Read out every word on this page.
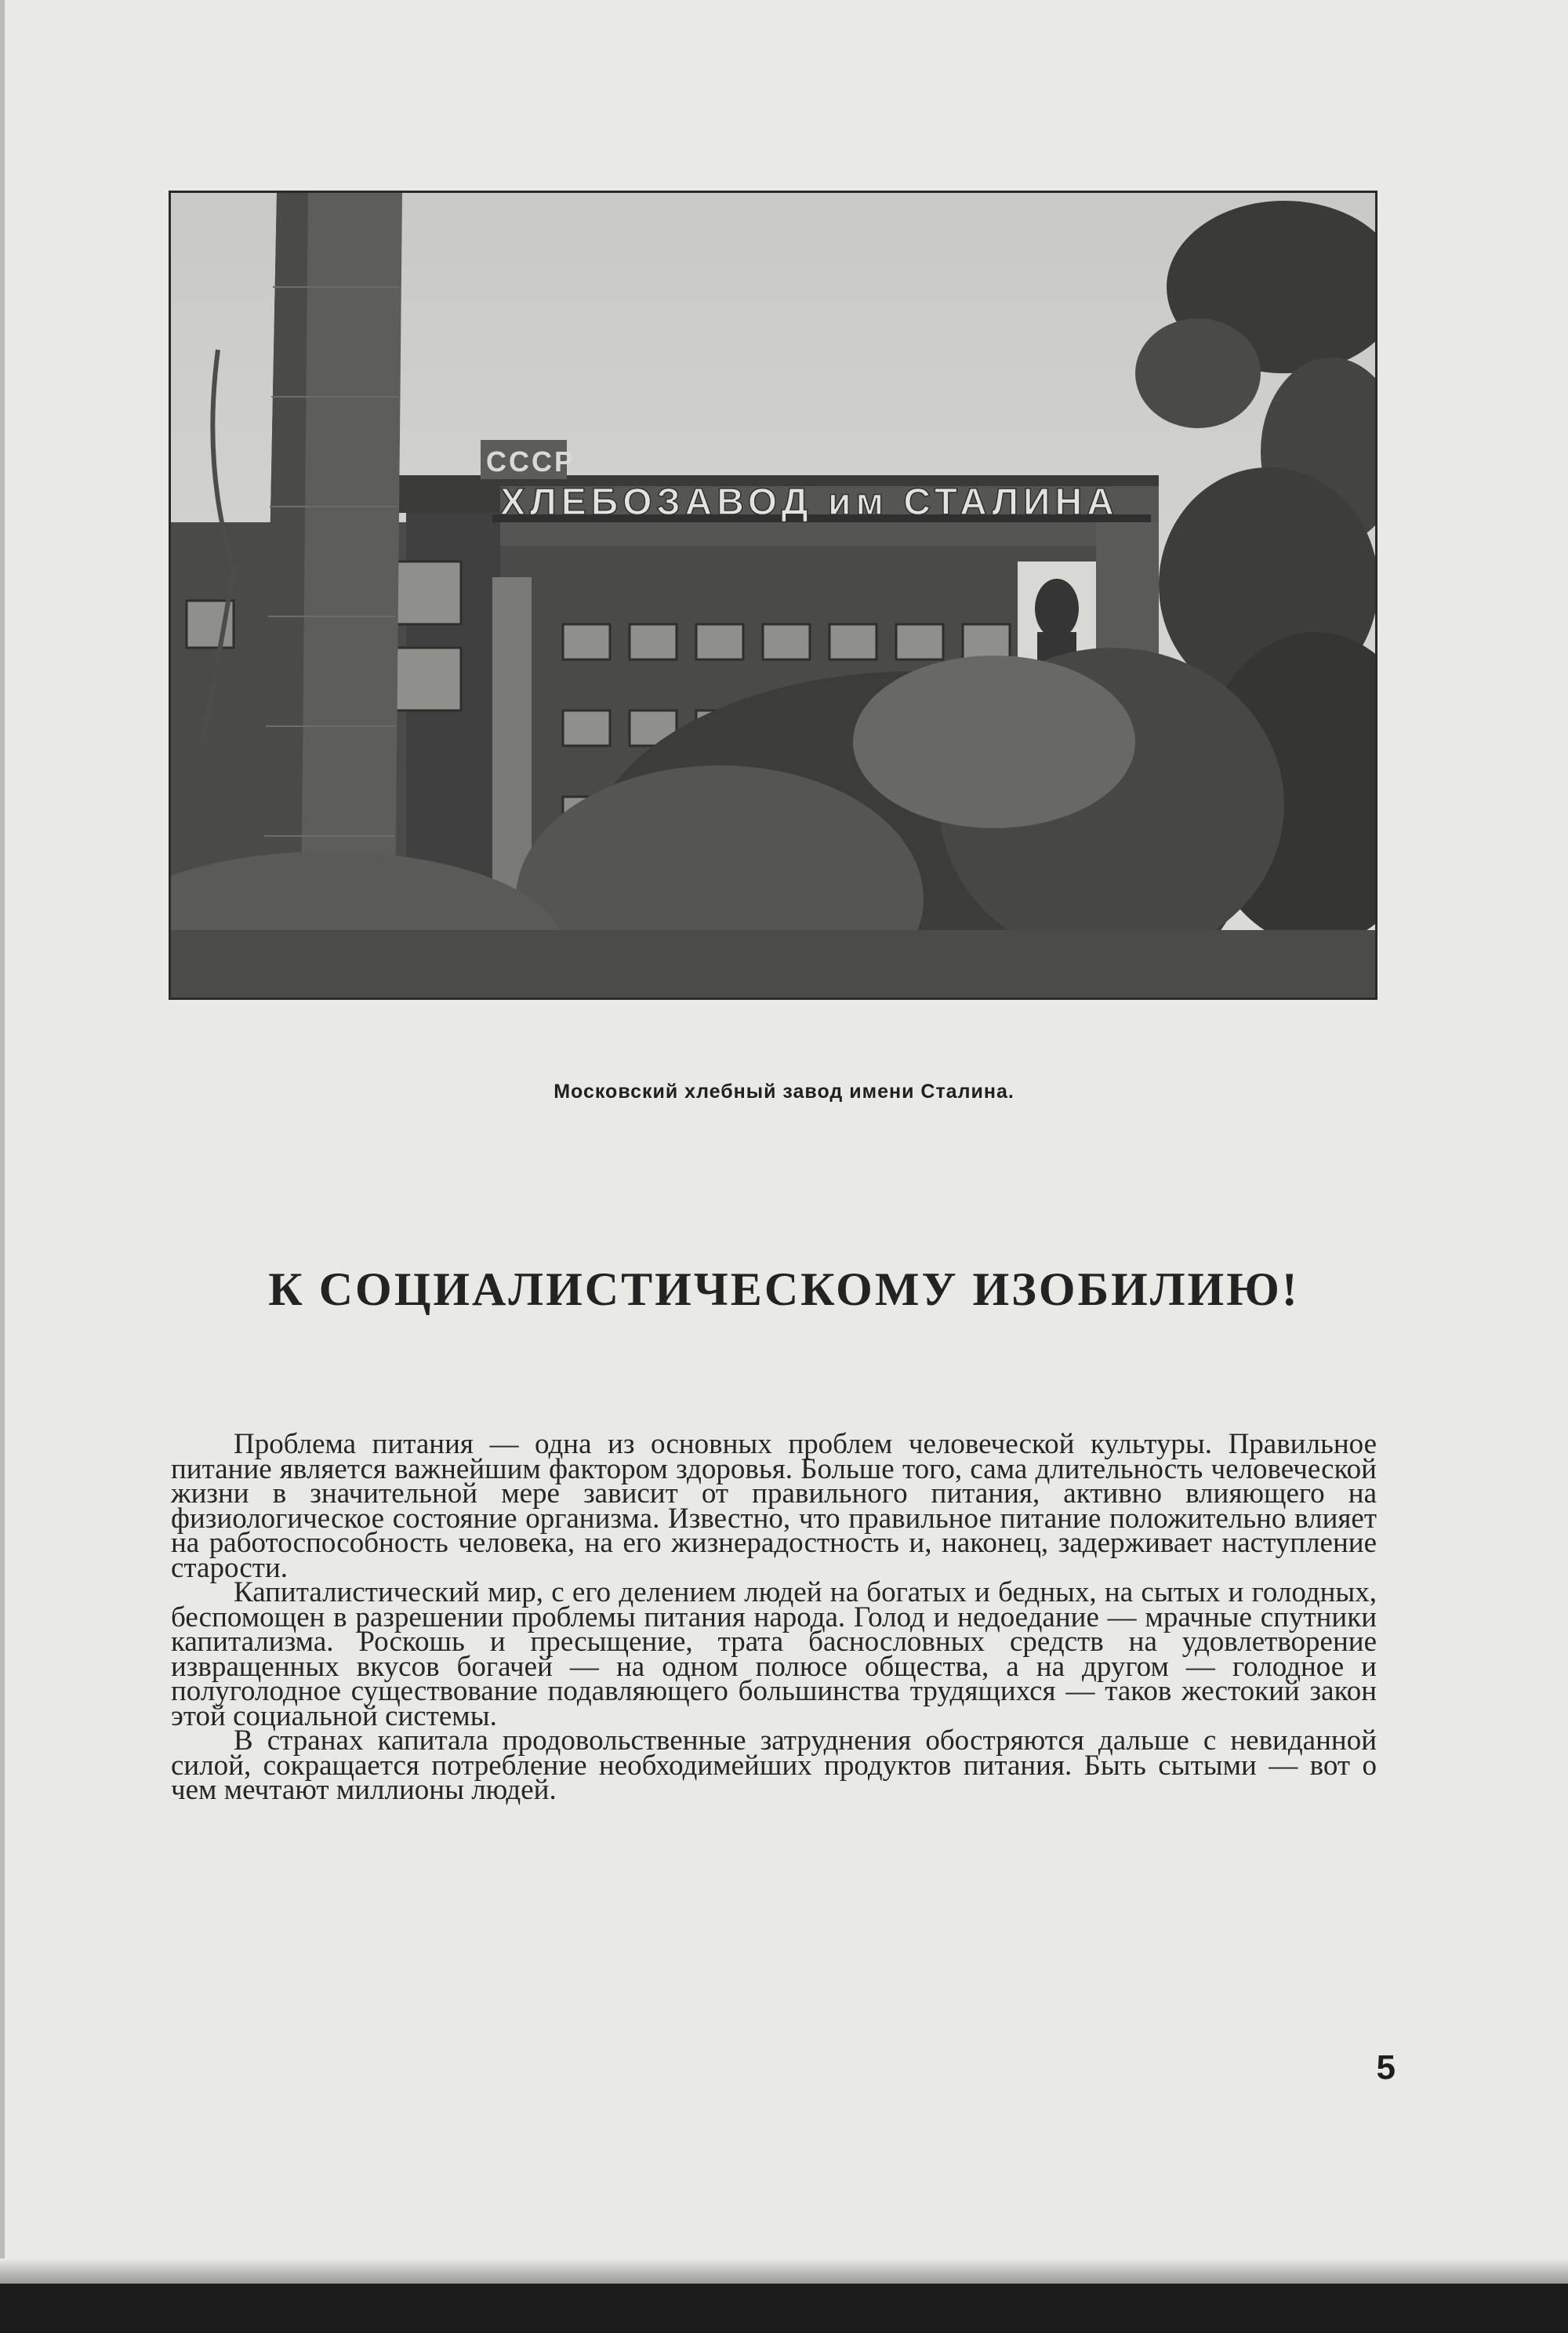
ХЛЕБОЗАВОД им СТАЛИНА
СССР
Московский хлебный завод имени Сталина.
К СОЦИАЛИСТИЧЕСКОМУ ИЗОБИЛИЮ!

Проблема питания — одна из основных проблем человеческой культуры. Правильное питание является важнейшим фактором здоровья. Больше того, сама длительность человеческой жизни в значительной мере зависит от правильного питания, активно влияющего на физиологическое состояние организма. Известно, что правильное питание положительно влияет на работоспособность человека, на его жизнерадостность и, наконец, задерживает наступление старости.

Капиталистический мир, с его делением людей на богатых и бедных, на сытых и голодных, беспомощен в разрешении проблемы питания народа. Голод и недоедание — мрачные спутники капитализма. Роскошь и пресыщение, трата баснословных средств на удовлетворение извращенных вкусов богачей — на одном полюсе общества, а на другом — голодное и полуголодное существование подавляющего большинства трудящихся — таков жестокий закон этой социальной системы.

В странах капитала продовольственные затруднения обостряются дальше с невиданной силой, сокращается потребление необходимейших продуктов питания. Быть сытыми — вот о чем мечтают миллионы людей.

5
